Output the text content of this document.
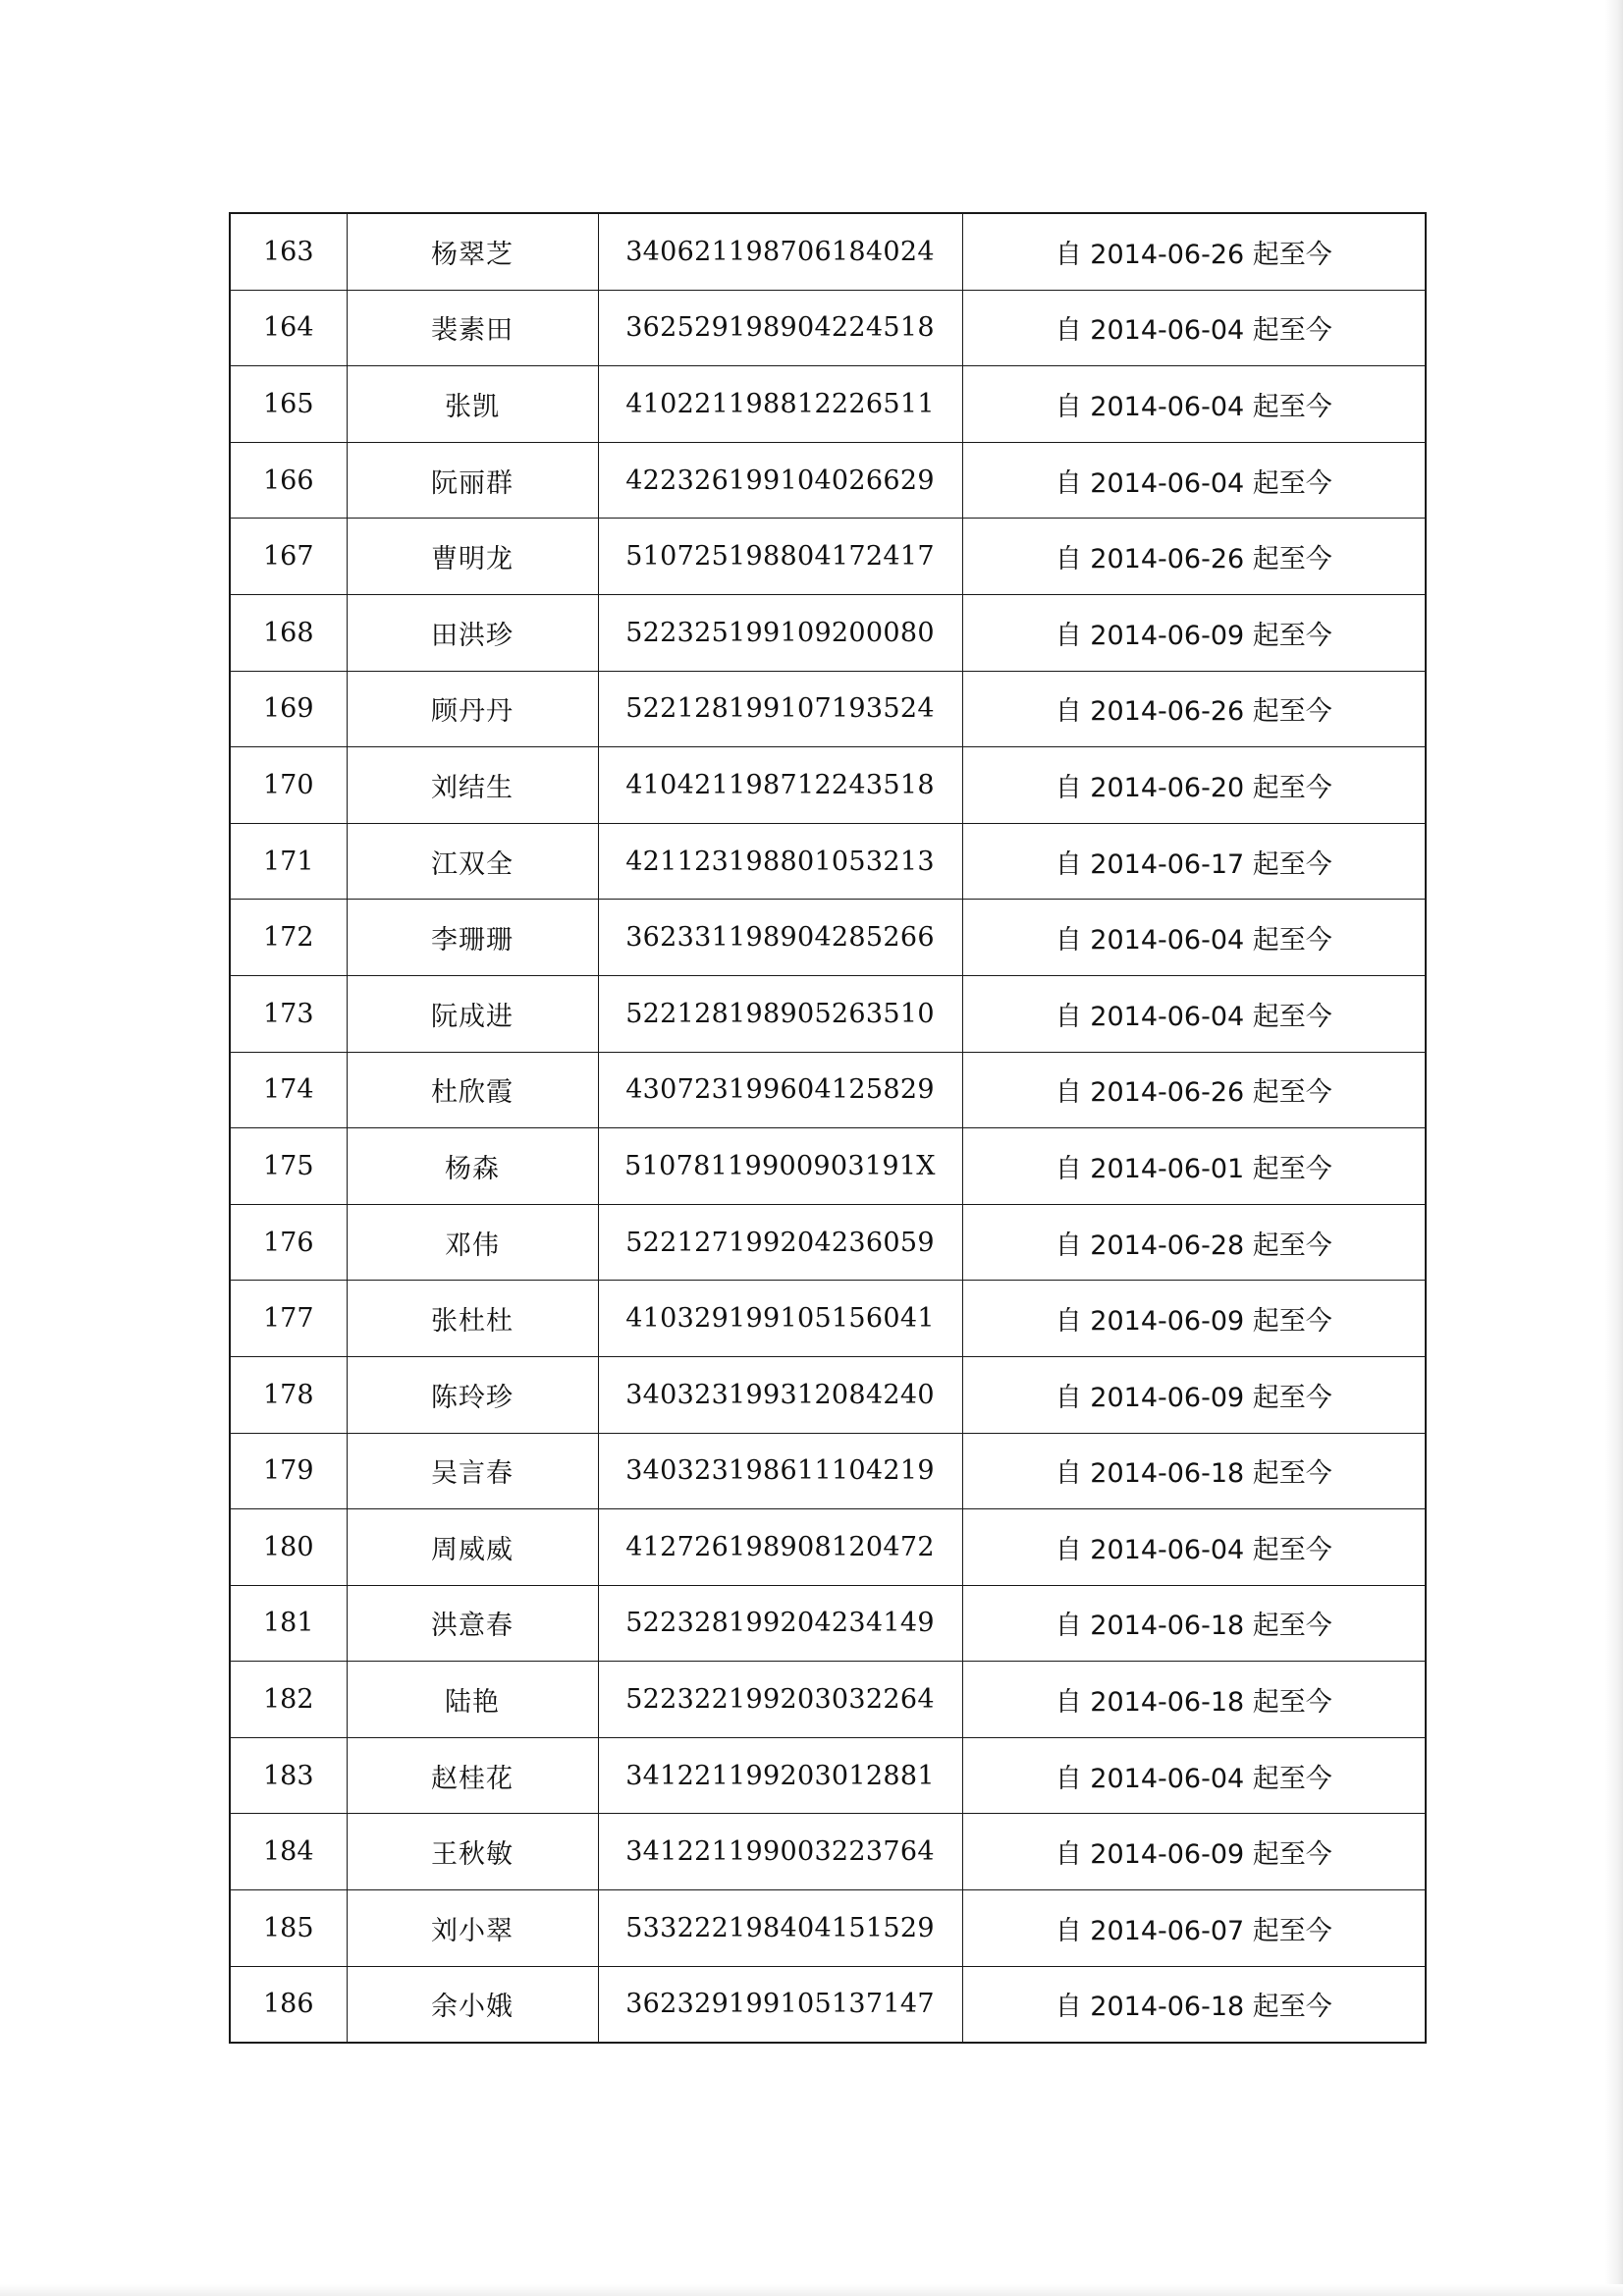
163	杨翠芝	340621198706184024	自 2014-06-26 起至今
164	裴素田	362529198904224518	自 2014-06-04 起至今
165	张凯	410221198812226511	自 2014-06-04 起至今
166	阮丽群	422326199104026629	自 2014-06-04 起至今
167	曹明龙	510725198804172417	自 2014-06-26 起至今
168	田洪珍	522325199109200080	自 2014-06-09 起至今
169	顾丹丹	522128199107193524	自 2014-06-26 起至今
170	刘结生	410421198712243518	自 2014-06-20 起至今
171	江双全	421123198801053213	自 2014-06-17 起至今
172	李珊珊	362331198904285266	自 2014-06-04 起至今
173	阮成进	522128198905263510	自 2014-06-04 起至今
174	杜欣霞	430723199604125829	自 2014-06-26 起至今
175	杨森	51078119900903191X	自 2014-06-01 起至今
176	邓伟	522127199204236059	自 2014-06-28 起至今
177	张杜杜	410329199105156041	自 2014-06-09 起至今
178	陈玲珍	340323199312084240	自 2014-06-09 起至今
179	吴言春	340323198611104219	自 2014-06-18 起至今
180	周威威	412726198908120472	自 2014-06-04 起至今
181	洪意春	522328199204234149	自 2014-06-18 起至今
182	陆艳	522322199203032264	自 2014-06-18 起至今
183	赵桂花	341221199203012881	自 2014-06-04 起至今
184	王秋敏	341221199003223764	自 2014-06-09 起至今
185	刘小翠	533222198404151529	自 2014-06-07 起至今
186	余小娥	362329199105137147	自 2014-06-18 起至今
